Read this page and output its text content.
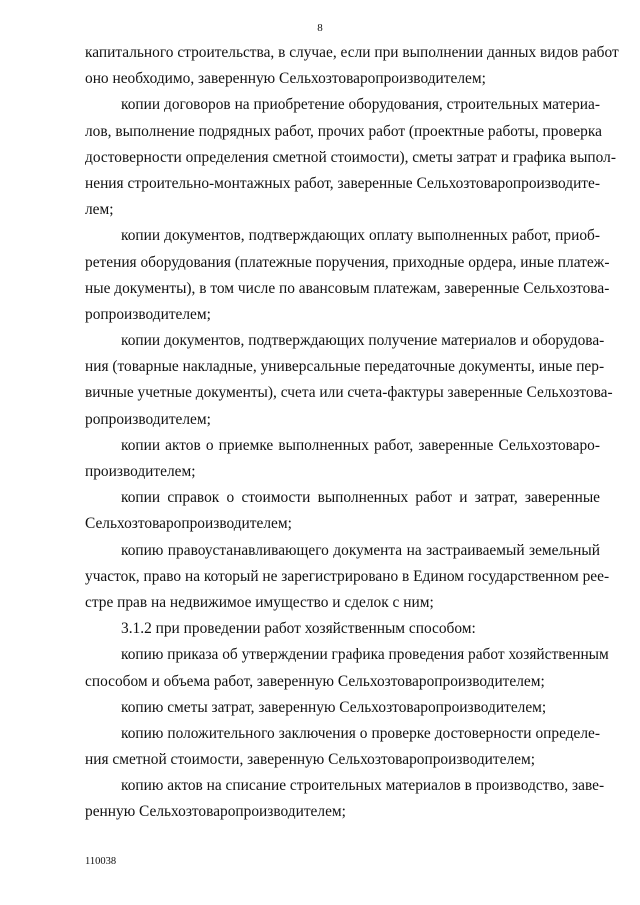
8
капитального строительства, в случае, если при выполнении данных видов работ
оно необходимо, заверенную Сельхозтоваропроизводителем;
копии договоров на приобретение оборудования, строительных материа-
лов, выполнение подрядных работ, прочих работ (проектные работы, проверка
достоверности определения сметной стоимости), сметы затрат и графика выпол-
нения строительно-монтажных работ, заверенные Сельхозтоваропроизводите-
лем;
копии документов, подтверждающих оплату выполненных работ, приоб-
ретения оборудования (платежные поручения, приходные ордера, иные платеж-
ные документы), в том числе по авансовым платежам, заверенные Сельхозтова-
ропроизводителем;
копии документов, подтверждающих получение материалов и оборудова-
ния (товарные накладные, универсальные передаточные документы, иные пер-
вичные учетные документы), счета или счета-фактуры заверенные Сельхозтова-
ропроизводителем;
копии актов о приемке выполненных работ, заверенные Сельхозтоваро-
производителем;
копии справок о стоимости выполненных работ и затрат, заверенные
Сельхозтоваропроизводителем;
копию правоустанавливающего документа на застраиваемый земельный
участок, право на который не зарегистрировано в Едином государственном рее-
стре прав на недвижимое имущество и сделок с ним;
3.1.2 при проведении работ хозяйственным способом:
копию приказа об утверждении графика проведения работ хозяйственным
способом и объема работ, заверенную Сельхозтоваропроизводителем;
копию сметы затрат, заверенную Сельхозтоваропроизводителем;
копию положительного заключения о проверке достоверности определе-
ния сметной стоимости, заверенную Сельхозтоваропроизводителем;
копию актов на списание строительных материалов в производство, заве-
ренную Сельхозтоваропроизводителем;
110038
